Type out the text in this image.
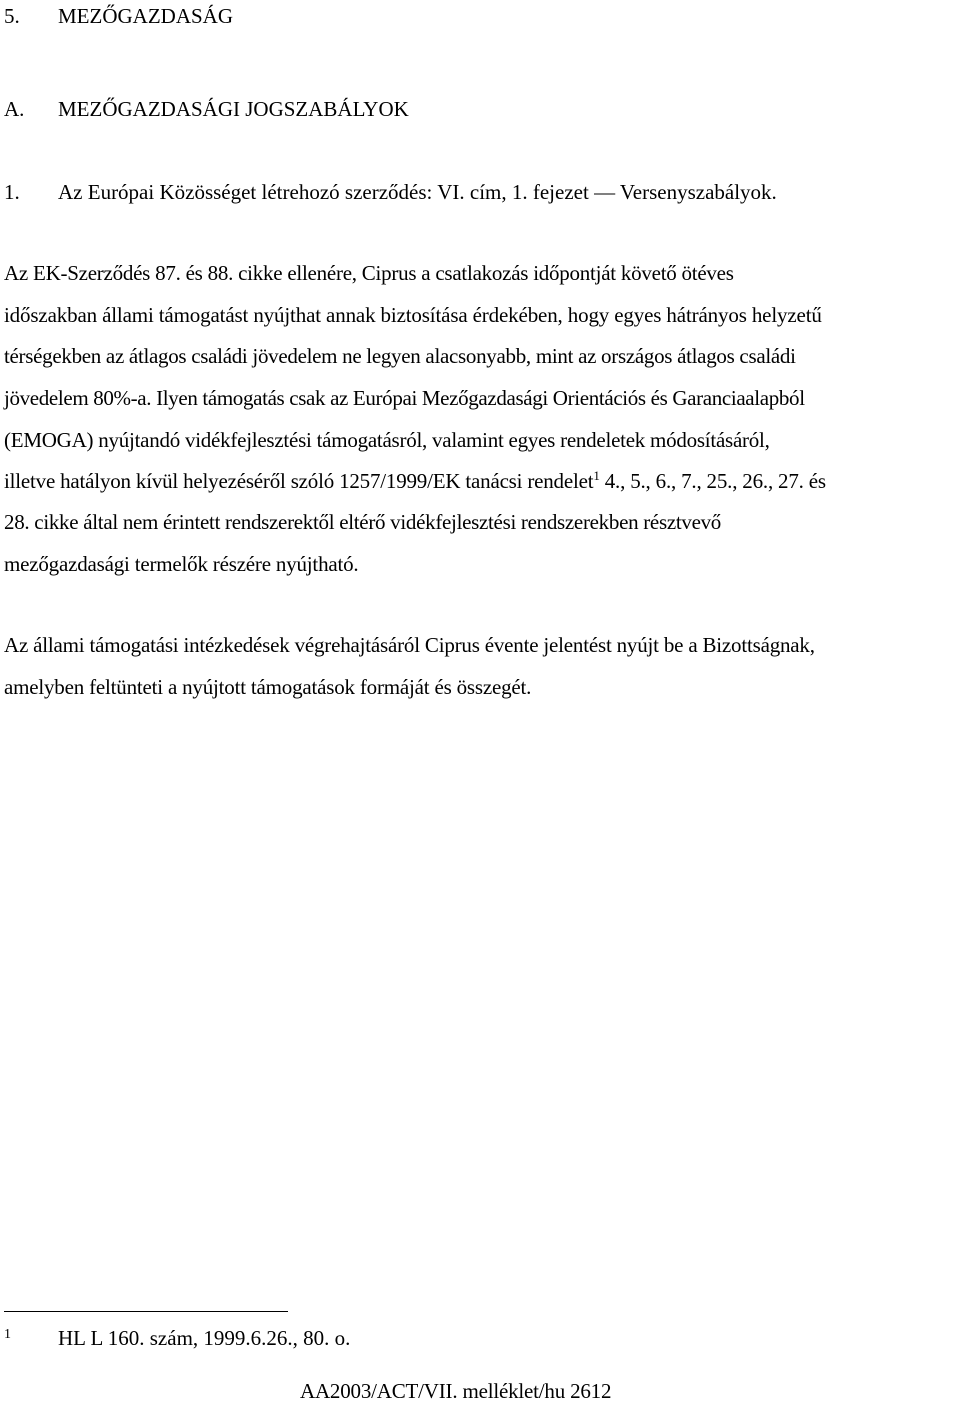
5. MEZŐGAZDASÁG
A. MEZŐGAZDASÁGI JOGSZABÁLYOK
1. Az Európai Közösséget létrehozó szerződés: VI. cím, 1. fejezet — Versenyszabályok.
Az EK-Szerződés 87. és 88. cikke ellenére, Ciprus a csatlakozás időpontját követő ötéves
időszakban állami támogatást nyújthat annak biztosítása érdekében, hogy egyes hátrányos helyzetű
térségekben az átlagos családi jövedelem ne legyen alacsonyabb, mint az országos átlagos családi
jövedelem 80%-a. Ilyen támogatás csak az Európai Mezőgazdasági Orientációs és Garanciaalapból
(EMOGA) nyújtandó vidékfejlesztési támogatásról, valamint egyes rendeletek módosításáról,
illetve hatályon kívül helyezéséről szóló 1257/1999/EK tanácsi rendelet$^1$ 4., 5., 6., 7., 25., 26., 27. és
28. cikke által nem érintett rendszerektől eltérő vidékfejlesztési rendszerekben résztvevő
mezőgazdasági termelők részére nyújtható.
Az állami támogatási intézkedések végrehajtásáról Ciprus évente jelentést nyújt be a Bizottságnak,
amelyben feltünteti a nyújtott támogatások formáját és összegét.
1 HL L 160. szám, 1999.6.26., 80. o.
AA2003/ACT/VII. melléklet/hu 2612
